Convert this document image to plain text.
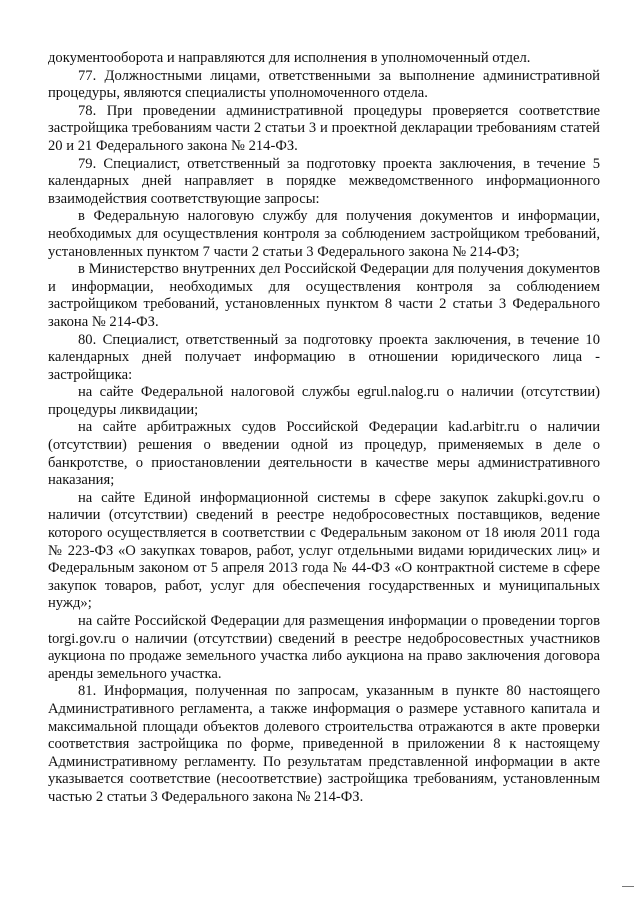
документооборота и направляются для исполнения в уполномоченный отдел.

77. Должностными лицами, ответственными за выполнение административной процедуры, являются специалисты уполномоченного отдела.

78. При проведении административной процедуры проверяется соответствие застройщика требованиям части 2 статьи 3 и проектной декларации требованиям статей 20 и 21 Федерального закона № 214-ФЗ.

79. Специалист, ответственный за подготовку проекта заключения, в течение 5 календарных дней направляет в порядке межведомственного информационного взаимодействия соответствующие запросы:

в Федеральную налоговую службу для получения документов и информации, необходимых для осуществления контроля за соблюдением застройщиком требований, установленных пунктом 7 части 2 статьи 3 Федерального закона № 214-ФЗ;

в Министерство внутренних дел Российской Федерации для получения документов и информации, необходимых для осуществления контроля за соблюдением застройщиком требований, установленных пунктом 8 части 2 статьи 3 Федерального закона № 214-ФЗ.

80. Специалист, ответственный за подготовку проекта заключения, в течение 10 календарных дней получает информацию в отношении юридического лица - застройщика:

на сайте Федеральной налоговой службы egrul.nalog.ru о наличии (отсутствии) процедуры ликвидации;

на сайте арбитражных судов Российской Федерации kad.arbitr.ru о наличии (отсутствии) решения о введении одной из процедур, применяемых в деле о банкротстве, о приостановлении деятельности в качестве меры административного наказания;

на сайте Единой информационной системы в сфере закупок zakupki.gov.ru о наличии (отсутствии) сведений в реестре недобросовестных поставщиков, ведение которого осуществляется в соответствии с Федеральным законом от 18 июля 2011 года № 223-ФЗ «О закупках товаров, работ, услуг отдельными видами юридических лиц» и Федеральным законом от 5 апреля 2013 года № 44-ФЗ «О контрактной системе в сфере закупок товаров, работ, услуг для обеспечения государственных и муниципальных нужд»;

на сайте Российской Федерации для размещения информации о проведении торгов torgi.gov.ru о наличии (отсутствии) сведений в реестре недобросовестных участников аукциона по продаже земельного участка либо аукциона на право заключения договора аренды земельного участка.

81. Информация, полученная по запросам, указанным в пункте 80 настоящего Административного регламента, а также информация о размере уставного капитала и максимальной площади объектов долевого строительства отражаются в акте проверки соответствия застройщика по форме, приведенной в приложении 8 к настоящему Административному регламенту. По результатам представленной информации в акте указывается соответствие (несоответствие) застройщика требованиям, установленным частью 2 статьи 3 Федерального закона № 214-ФЗ.
